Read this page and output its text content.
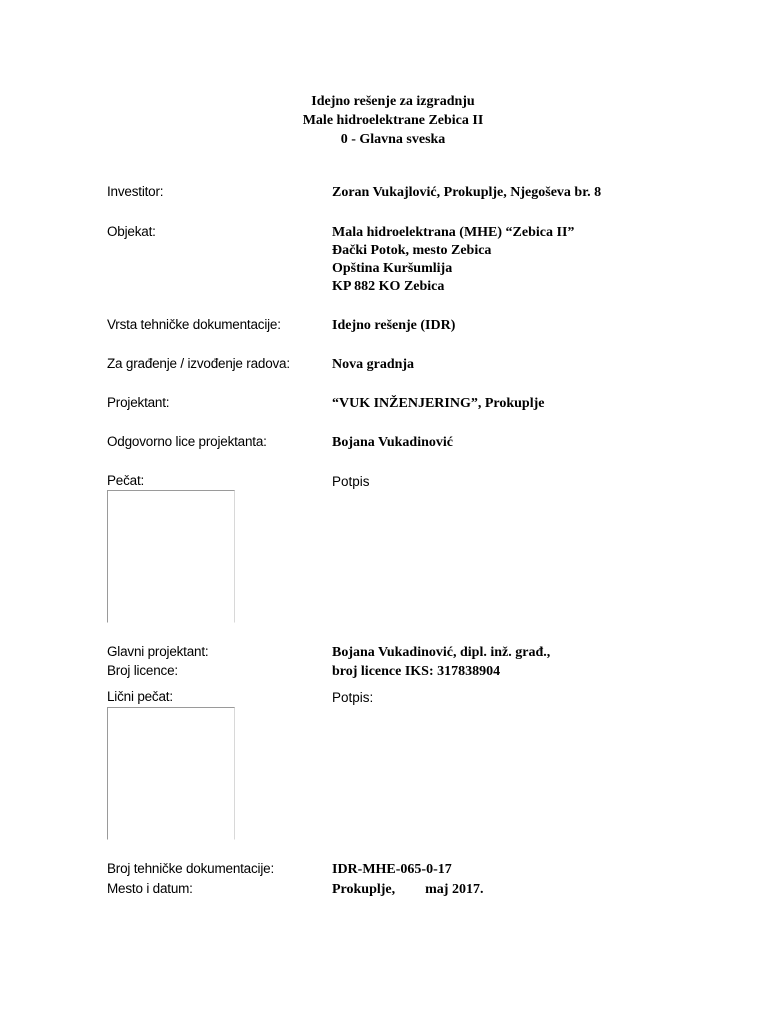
Idejno rešenje za izgradnju
Male hidroelektrane Zebica II
0 - Glavna sveska
Investitor:	Zoran Vukajlović, Prokuplje, Njegoševa br. 8
Objekat:	Mala hidroelektrana (MHE) “Zebica II”
Đački Potok, mesto Zebica
Opština Kuršumlija
KP 882 KO Zebica
Vrsta tehničke dokumentacije:	Idejno rešenje (IDR)
Za građenje / izvođenje radova:	Nova gradnja
Projektant:	“VUK INŽENJERING”, Prokuplje
Odgovorno lice projektanta:	Bojana Vukadinović
Pečat:	Potpis
Glavni projektant:	Bojana Vukadinović, dipl. inž. građ.,
Broj licence:	broj licence IKS: 317838904
Lični pečat:	Potpis:
Broj tehničke dokumentacije:	IDR-MHE-065-0-17
Mesto i datum:	Prokuplje, maj 2017.
